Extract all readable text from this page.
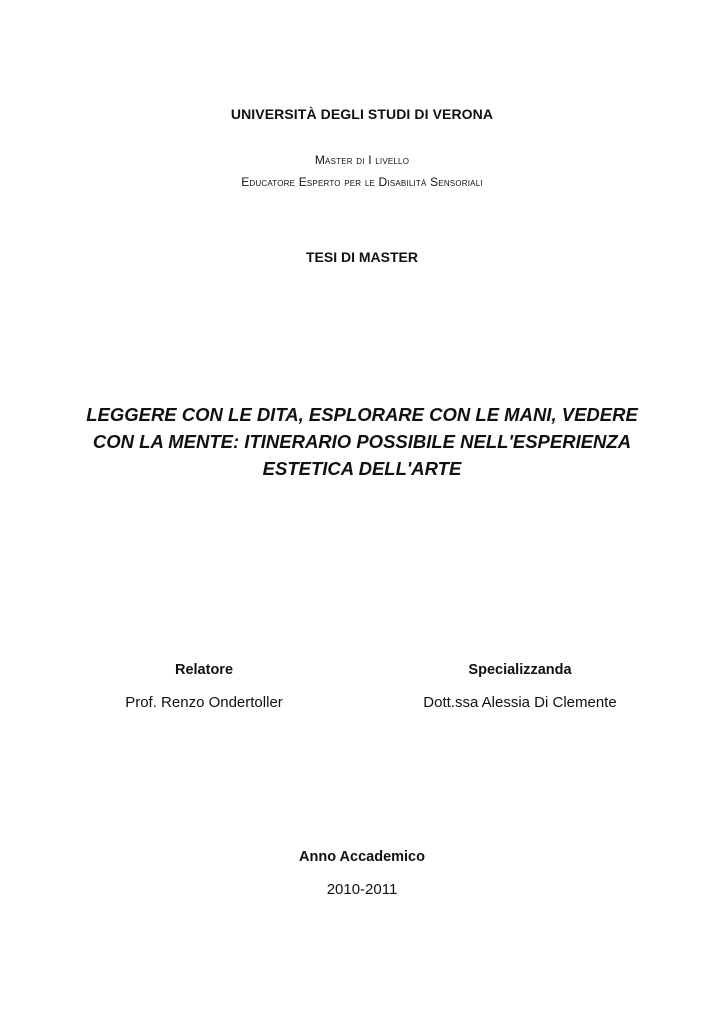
UNIVERSITÀ DEGLI STUDI DI VERONA
Master di I livello
Educatore Esperto per le Disabilità Sensoriali
TESI DI MASTER
LEGGERE CON LE DITA, ESPLORARE CON LE MANI, VEDERE
CON LA MENTE: ITINERARIO POSSIBILE NELL'ESPERIENZA
ESTETICA DELL'ARTE
Relatore	Specializzanda
Prof. Renzo Ondertoller	Dott.ssa Alessia Di Clemente
Anno Accademico
2010-2011
